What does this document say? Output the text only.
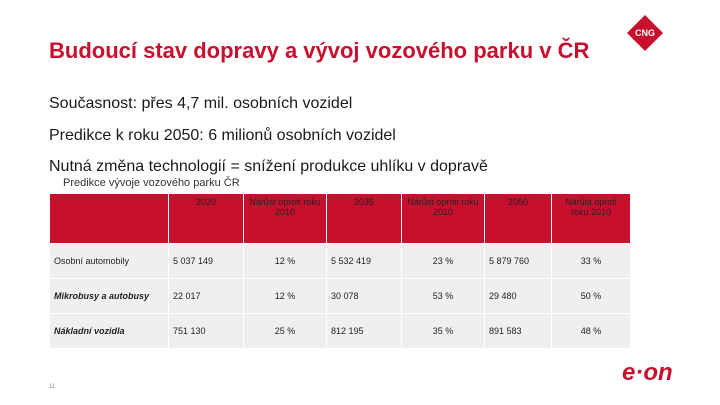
Budoucí stav dopravy a vývoj vozového parku v ČR
CNG
Současnost: přes 4,7 mil. osobních vozidel
Predikce k roku 2050: 6 milionů osobních vozidel
Nutná změna technologií = snížení produkce uhlíku v dopravě
Predikce vývoje vozového parku ČR
	2020	Nárůst oproti roku 2010	2035	Nárůst oproti roku 2010	2050	Nárůst oproti roku 2010
Osobní automobily	5 037 149	12 %	5 532 419	23 %	5 879 760	33 %
Mikrobusy a autobusy	22 017	12 %	30 078	53 %	29 480	50 %
Nákladní vozidla	751 130	25 %	812 195	35 %	891 583	48 %
11
e·on
